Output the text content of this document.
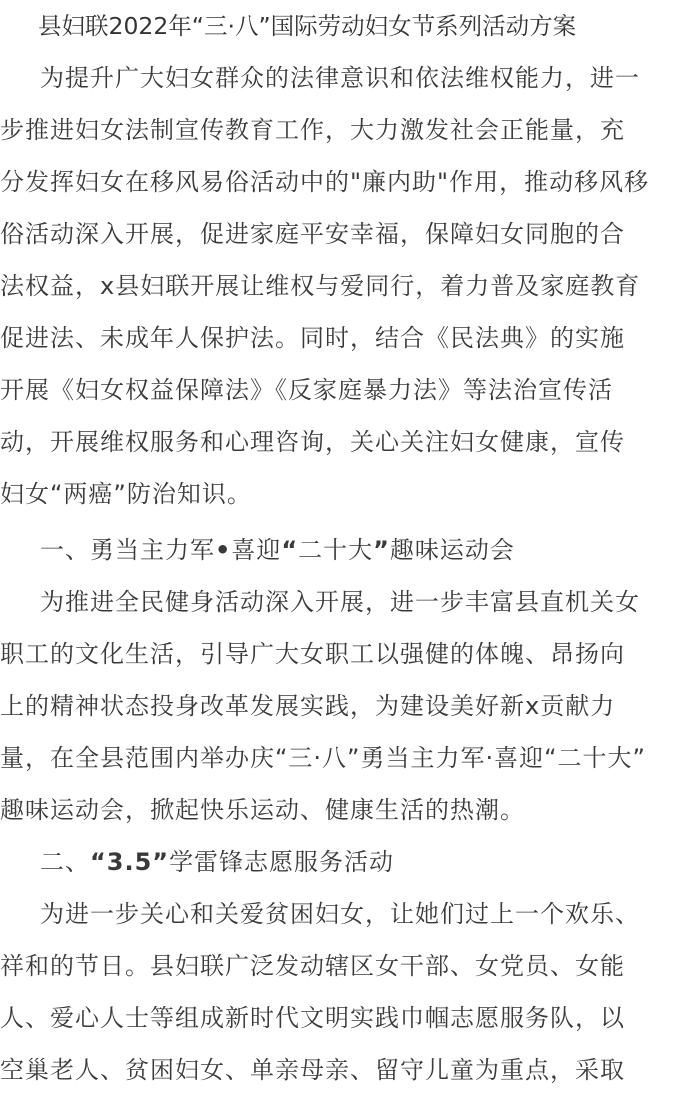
县妇联2022年“三·八”国际劳动妇女节系列活动方案
为提升广大妇女群众的法律意识和依法维权能力，进一
步推进妇女法制宣传教育工作，大力激发社会正能量，充
分发挥妇女在移风易俗活动中的"廉内助"作用，推动移风移
俗活动深入开展，促进家庭平安幸福，保障妇女同胞的合
法权益，x县妇联开展让维权与爱同行，着力普及家庭教育
促进法、未成年人保护法。同时，结合《民法典》的实施
开展《妇女权益保障法》《反家庭暴力法》等法治宣传活
动，开展维权服务和心理咨询，关心关注妇女健康，宣传
妇女“两癌”防治知识。
一、勇当主力军•喜迎“二十大”趣味运动会
为推进全民健身活动深入开展，进一步丰富县直机关女
职工的文化生活，引导广大女职工以强健的体魄、昂扬向
上的精神状态投身改革发展实践，为建设美好新x贡献力
量，在全县范围内举办庆“三·八”勇当主力军·喜迎“二十大”
趣味运动会，掀起快乐运动、健康生活的热潮。
二、“3.5”学雷锋志愿服务活动
为进一步关心和关爱贫困妇女，让她们过上一个欢乐、
祥和的节日。县妇联广泛发动辖区女干部、女党员、女能
人、爱心人士等组成新时代文明实践巾帼志愿服务队，以
空巢老人、贫困妇女、单亲母亲、留守儿童为重点，采取
